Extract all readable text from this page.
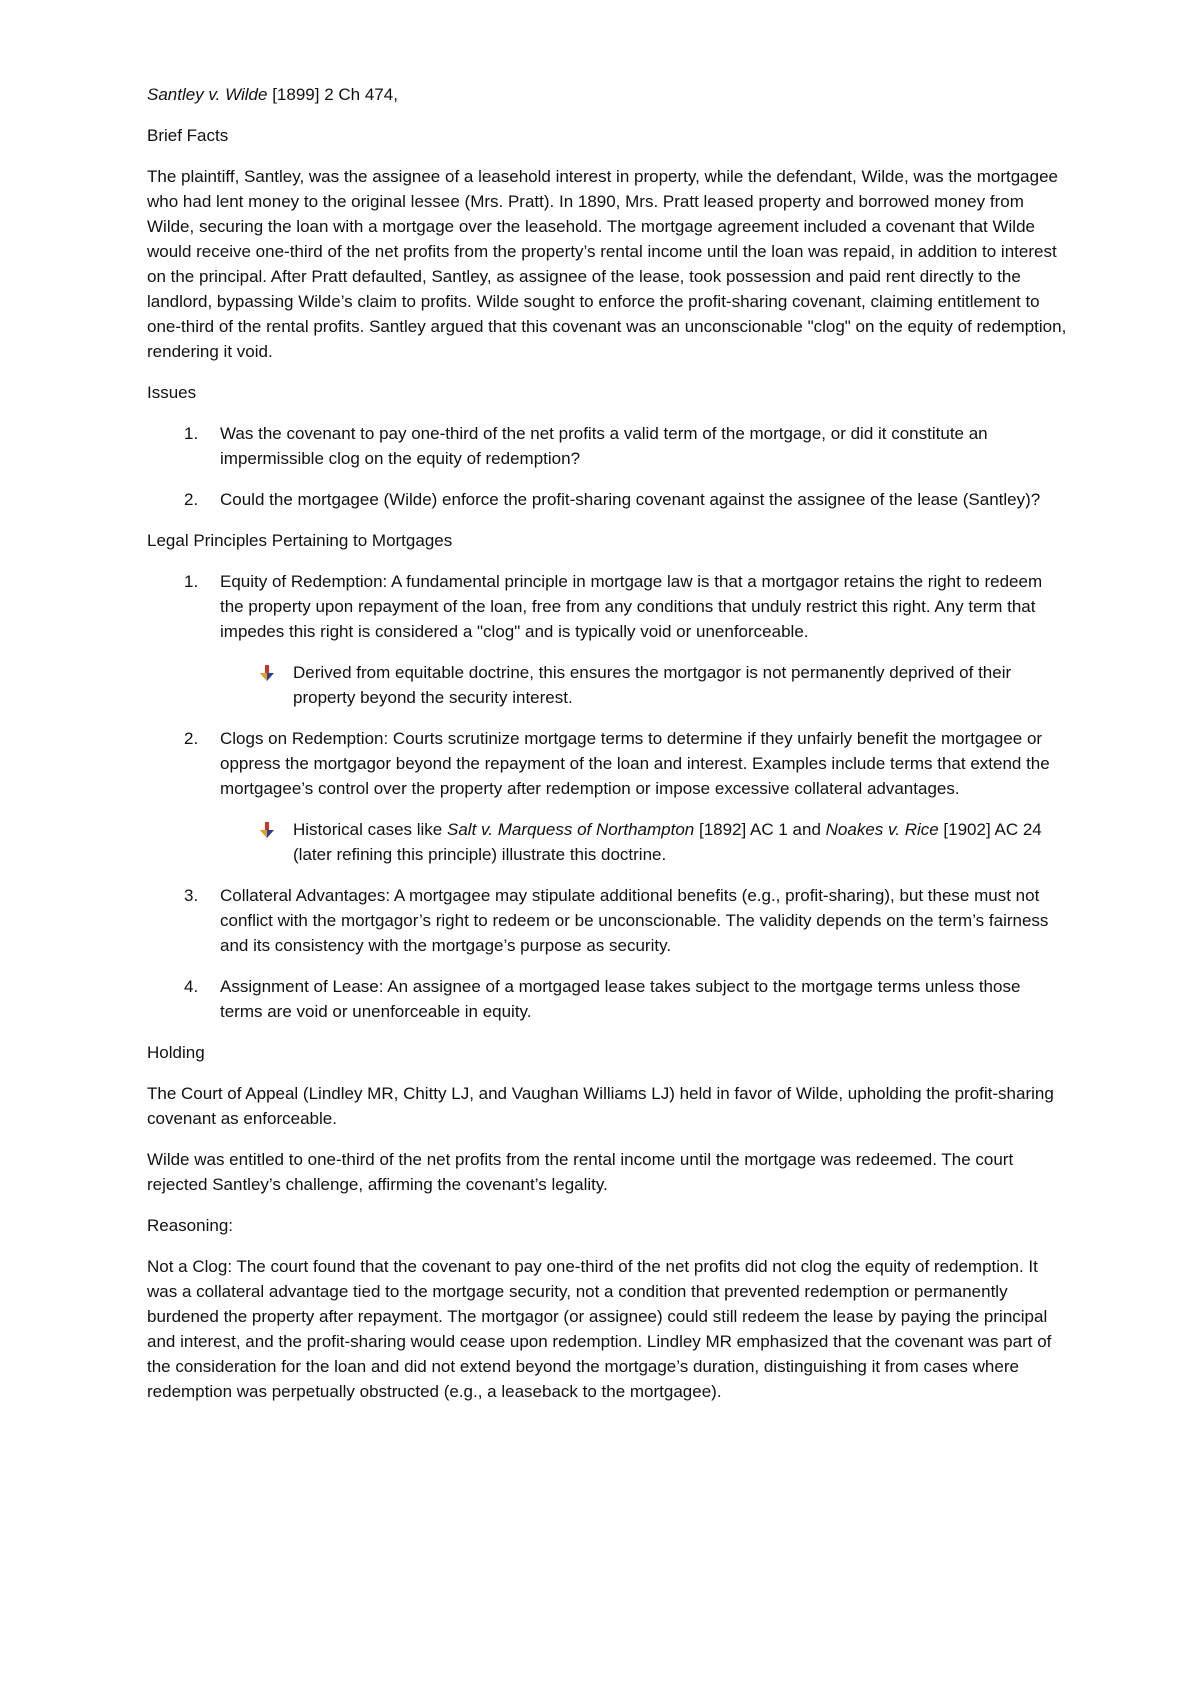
Santley v. Wilde [1899] 2 Ch 474,

Brief Facts

The plaintiff, Santley, was the assignee of a leasehold interest in property, while the defendant, Wilde, was the mortgagee who had lent money to the original lessee (Mrs. Pratt). In 1890, Mrs. Pratt leased property and borrowed money from Wilde, securing the loan with a mortgage over the leasehold. The mortgage agreement included a covenant that Wilde would receive one-third of the net profits from the property’s rental income until the loan was repaid, in addition to interest on the principal. After Pratt defaulted, Santley, as assignee of the lease, took possession and paid rent directly to the landlord, bypassing Wilde’s claim to profits. Wilde sought to enforce the profit-sharing covenant, claiming entitlement to one-third of the rental profits. Santley argued that this covenant was an unconscionable "clog" on the equity of redemption, rendering it void.

Issues

1. Was the covenant to pay one-third of the net profits a valid term of the mortgage, or did it constitute an impermissible clog on the equity of redemption?
2. Could the mortgagee (Wilde) enforce the profit-sharing covenant against the assignee of the lease (Santley)?

Legal Principles Pertaining to Mortgages

1. Equity of Redemption: A fundamental principle in mortgage law is that a mortgagor retains the right to redeem the property upon repayment of the loan, free from any conditions that unduly restrict this right. Any term that impedes this right is considered a "clog" and is typically void or unenforceable.
Derived from equitable doctrine, this ensures the mortgagor is not permanently deprived of their property beyond the security interest.
2. Clogs on Redemption: Courts scrutinize mortgage terms to determine if they unfairly benefit the mortgagee or oppress the mortgagor beyond the repayment of the loan and interest. Examples include terms that extend the mortgagee’s control over the property after redemption or impose excessive collateral advantages.
Historical cases like Salt v. Marquess of Northampton [1892] AC 1 and Noakes v. Rice [1902] AC 24 (later refining this principle) illustrate this doctrine.
3. Collateral Advantages: A mortgagee may stipulate additional benefits (e.g., profit-sharing), but these must not conflict with the mortgagor’s right to redeem or be unconscionable. The validity depends on the term’s fairness and its consistency with the mortgage’s purpose as security.
4. Assignment of Lease: An assignee of a mortgaged lease takes subject to the mortgage terms unless those terms are void or unenforceable in equity.

Holding

The Court of Appeal (Lindley MR, Chitty LJ, and Vaughan Williams LJ) held in favor of Wilde, upholding the profit-sharing covenant as enforceable.

Wilde was entitled to one-third of the net profits from the rental income until the mortgage was redeemed. The court rejected Santley’s challenge, affirming the covenant’s legality.

Reasoning:

Not a Clog: The court found that the covenant to pay one-third of the net profits did not clog the equity of redemption. It was a collateral advantage tied to the mortgage security, not a condition that prevented redemption or permanently burdened the property after repayment. The mortgagor (or assignee) could still redeem the lease by paying the principal and interest, and the profit-sharing would cease upon redemption. Lindley MR emphasized that the covenant was part of the consideration for the loan and did not extend beyond the mortgage’s duration, distinguishing it from cases where redemption was perpetually obstructed (e.g., a leaseback to the mortgagee).
